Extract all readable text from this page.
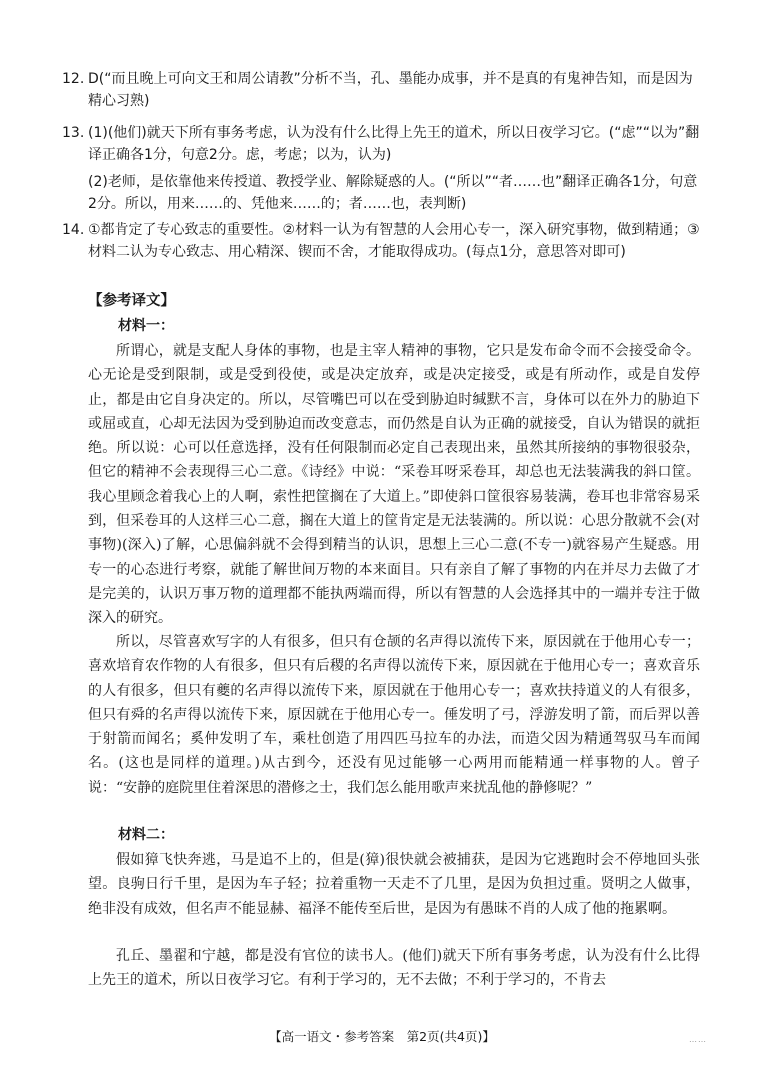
12. D(“而且晚上可向文王和周公请教”分析不当，孔、墨能办成事，并不是真的有鬼神告知，而是因为精心习熟)

13. (1)(他们)就天下所有事务考虑，认为没有什么比得上先王的道术，所以日夜学习它。(“虑”“以为”翻译正确各1分，句意2分。虑，考虑；以为，认为)

(2)老师，是依靠他来传授道、教授学业、解除疑惑的人。(“所以”“者……也”翻译正确各1分，句意2分。所以，用来……的、凭他来……的；者……也，表判断)

14. ①都肯定了专心致志的重要性。②材料一认为有智慧的人会用心专一，深入研究事物，做到精通；③材料二认为专心致志、用心精深、锲而不舍，才能取得成功。(每点1分，意思答对即可)

【参考译文】
材料一：

所谓心，就是支配人身体的事物，也是主宰人精神的事物，它只是发布命令而不会接受命令。心无论是受到限制，或是受到役使，或是决定放弃，或是决定接受，或是有所动作，或是自发停止，都是由它自身决定的。所以，尽管嘴巴可以在受到胁迫时缄默不言，身体可以在外力的胁迫下或屈或直，心却无法因为受到胁迫而改变意志，而仍然是自认为正确的就接受，自认为错误的就拒绝。所以说：心可以任意选择，没有任何限制而必定自己表现出来，虽然其所接纳的事物很驳杂，但它的精神不会表现得三心二意。《诗经》中说：“采卷耳呀采卷耳，却总也无法装满我的斜口筐。我心里顾念着我心上的人啊，索性把筐搁在了大道上。”即使斜口筐很容易装满，卷耳也非常容易采到，但采卷耳的人这样三心二意，搁在大道上的筐肯定是无法装满的。所以说：心思分散就不会(对事物)(深入)了解，心思偏斜就不会得到精当的认识，思想上三心二意(不专一)就容易产生疑惑。用专一的心态进行考察，就能了解世间万物的本来面目。只有亲自了解了事物的内在并尽力去做了才是完美的，认识万事万物的道理都不能执两端而得，所以有智慧的人会选择其中的一端并专注于做深入的研究。

所以，尽管喜欢写字的人有很多，但只有仓颉的名声得以流传下来，原因就在于他用心专一；喜欢培育农作物的人有很多，但只有后稷的名声得以流传下来，原因就在于他用心专一；喜欢音乐的人有很多，但只有夔的名声得以流传下来，原因就在于他用心专一；喜欢扶持道义的人有很多，但只有舜的名声得以流传下来，原因就在于他用心专一。倕发明了弓，浮游发明了箭，而后羿以善于射箭而闻名；奚仲发明了车，乘杜创造了用四匹马拉车的办法，而造父因为精通驾驭马车而闻名。(这也是同样的道理。)从古到今，还没有见过能够一心两用而能精通一样事物的人。曾子说：“安静的庭院里住着深思的潜修之士，我们怎么能用歌声来扰乱他的静修呢？”

材料二：

假如獐飞快奔逃，马是追不上的，但是(獐)很快就会被捕获，是因为它逃跑时会不停地回头张望。良驹日行千里，是因为车子轻；拉着重物一天走不了几里，是因为负担过重。贤明之人做事，绝非没有成效，但名声不能显赫、福泽不能传至后世，是因为有愚昧不肖的人成了他的拖累啊。

孔丘、墨翟和宁越，都是没有官位的读书人。(他们)就天下所有事务考虑，认为没有什么比得上先王的道术，所以日夜学习它。有利于学习的，无不去做；不利于学习的，不肯去

【高一语文・参考答案　第2页(共4页)】	……
